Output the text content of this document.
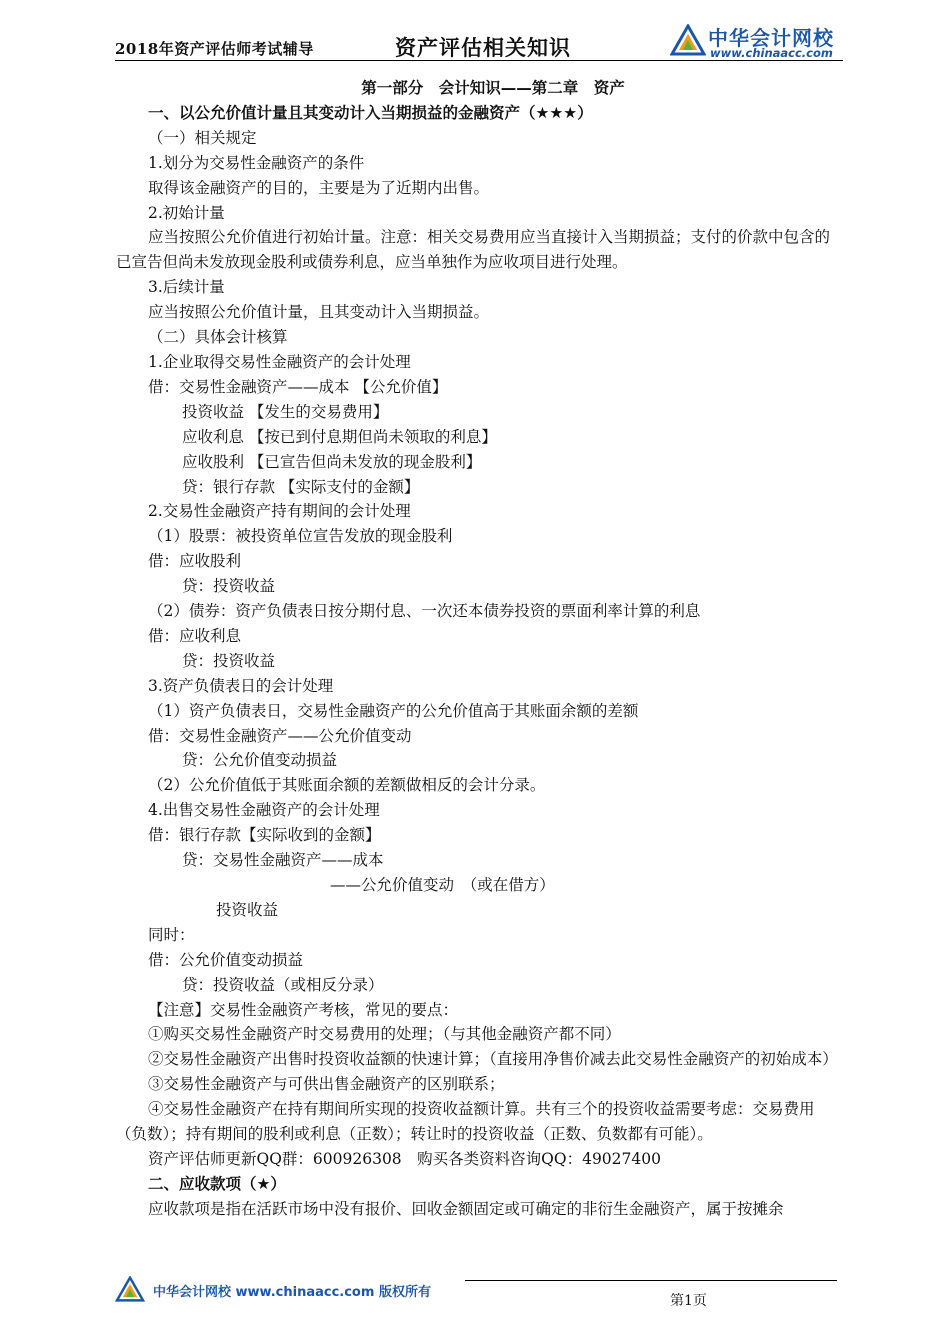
2018年资产评估师考试辅导	资产评估相关知识	中华会计网校
www.chinaacc.com

第一部分　会计知识——第二章　资产

一、以公允价值计量且其变动计入当期损益的金融资产（★★★）

（一）相关规定

1.划分为交易性金融资产的条件

取得该金融资产的目的，主要是为了近期内出售。

2.初始计量

应当按照公允价值进行初始计量。注意：相关交易费用应当直接计入当期损益；支付的价款中包含的已宣告但尚未发放现金股利或债券利息，应当单独作为应收项目进行处理。

3.后续计量

应当按照公允价值计量，且其变动计入当期损益。

（二）具体会计核算

1.企业取得交易性金融资产的会计处理

借：交易性金融资产——成本 【公允价值】

投资收益 【发生的交易费用】

应收利息 【按已到付息期但尚未领取的利息】

应收股利 【已宣告但尚未发放的现金股利】

贷：银行存款 【实际支付的金额】

2.交易性金融资产持有期间的会计处理

（1）股票：被投资单位宣告发放的现金股利

借：应收股利

贷：投资收益

（2）债券：资产负债表日按分期付息、一次还本债券投资的票面利率计算的利息

借：应收利息

贷：投资收益

3.资产负债表日的会计处理

（1）资产负债表日，交易性金融资产的公允价值高于其账面余额的差额

借：交易性金融资产——公允价值变动

贷：公允价值变动损益

（2）公允价值低于其账面余额的差额做相反的会计分录。

4.出售交易性金融资产的会计处理

借：银行存款【实际收到的金额】

贷：交易性金融资产——成本

——公允价值变动　（或在借方）

投资收益

同时：

借：公允价值变动损益

贷：投资收益（或相反分录）

【注意】交易性金融资产考核，常见的要点：

①购买交易性金融资产时交易费用的处理；（与其他金融资产都不同）

②交易性金融资产出售时投资收益额的快速计算；（直接用净售价减去此交易性金融资产的初始成本）

③交易性金融资产与可供出售金融资产的区别联系；

④交易性金融资产在持有期间所实现的投资收益额计算。共有三个的投资收益需要考虑：交易费用（负数）；持有期间的股利或利息（正数）；转让时的投资收益（正数、负数都有可能）。

资产评估师更新QQ群：600926308　购买各类资料咨询QQ：49027400

二、应收款项（★）

应收款项是指在活跃市场中没有报价、回收金额固定或可确定的非衍生金融资产，属于按摊余

中华会计网校 www.chinaacc.com 版权所有
第1页
